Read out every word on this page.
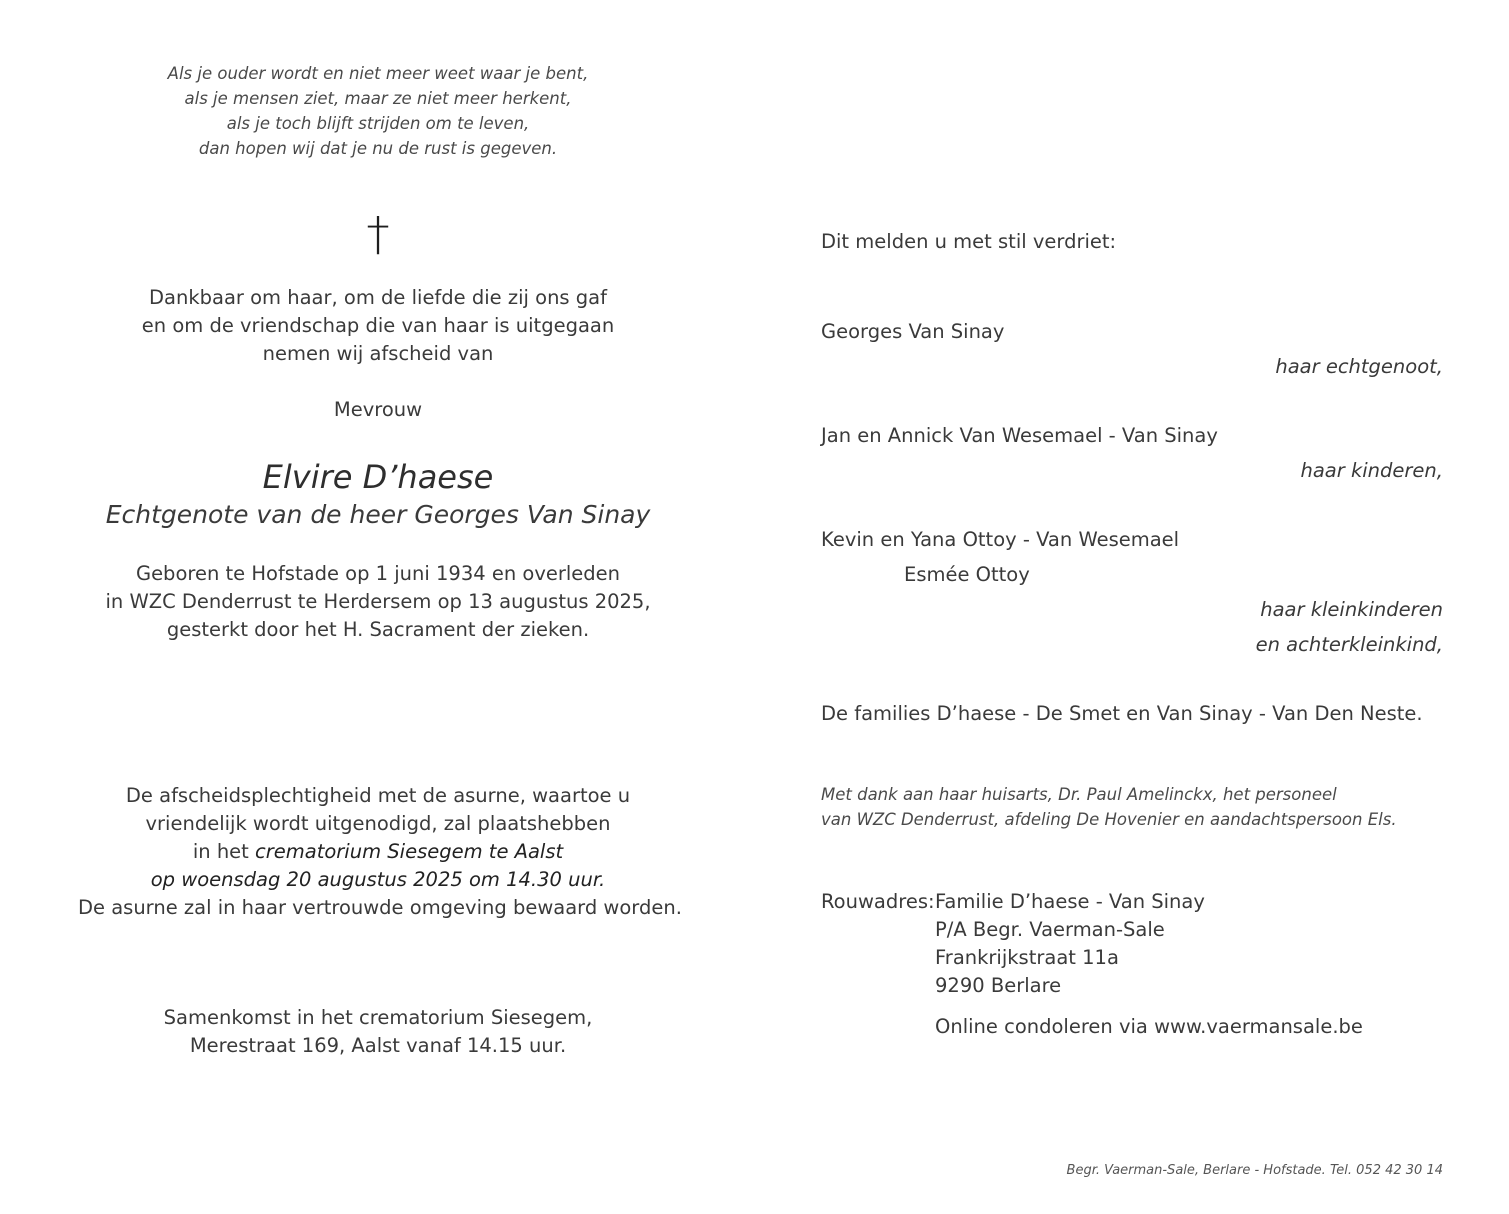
Als je ouder wordt en niet meer weet waar je bent,
als je mensen ziet, maar ze niet meer herkent,
als je toch blijft strijden om te leven,
dan hopen wij dat je nu de rust is gegeven.
†
Dankbaar om haar, om de liefde die zij ons gaf
en om de vriendschap die van haar is uitgegaan
nemen wij afscheid van
Mevrouw
Elvire D’haese
Echtgenote van de heer Georges Van Sinay
Geboren te Hofstade op 1 juni 1934 en overleden
in WZC Denderrust te Herdersem op 13 augustus 2025,
gesterkt door het H. Sacrament der zieken.
De afscheidsplechtigheid met de asurne, waartoe u
vriendelijk wordt uitgenodigd, zal plaatshebben
in het crematorium Siesegem te Aalst
op woensdag 20 augustus 2025 om 14.30 uur.
De asurne zal in haar vertrouwde omgeving bewaard worden.
Samenkomst in het crematorium Siesegem,
Merestraat 169, Aalst vanaf 14.15 uur.
Dit melden u met stil verdriet:
Georges Van Sinay
haar echtgenoot,
Jan en Annick Van Wesemael - Van Sinay
haar kinderen,
Kevin en Yana Ottoy - Van Wesemael
Esmée Ottoy
haar kleinkinderen
en achterkleinkind,
De families D’haese - De Smet en Van Sinay - Van Den Neste.
Met dank aan haar huisarts, Dr. Paul Amelinckx, het personeel
van WZC Denderrust, afdeling De Hovenier en aandachtspersoon Els.
Rouwadres: Familie D’haese - Van Sinay
P/A Begr. Vaerman-Sale
Frankrijkstraat 11a
9290 Berlare
Online condoleren via www.vaermansale.be
Begr. Vaerman-Sale, Berlare - Hofstade. Tel. 052 42 30 14
